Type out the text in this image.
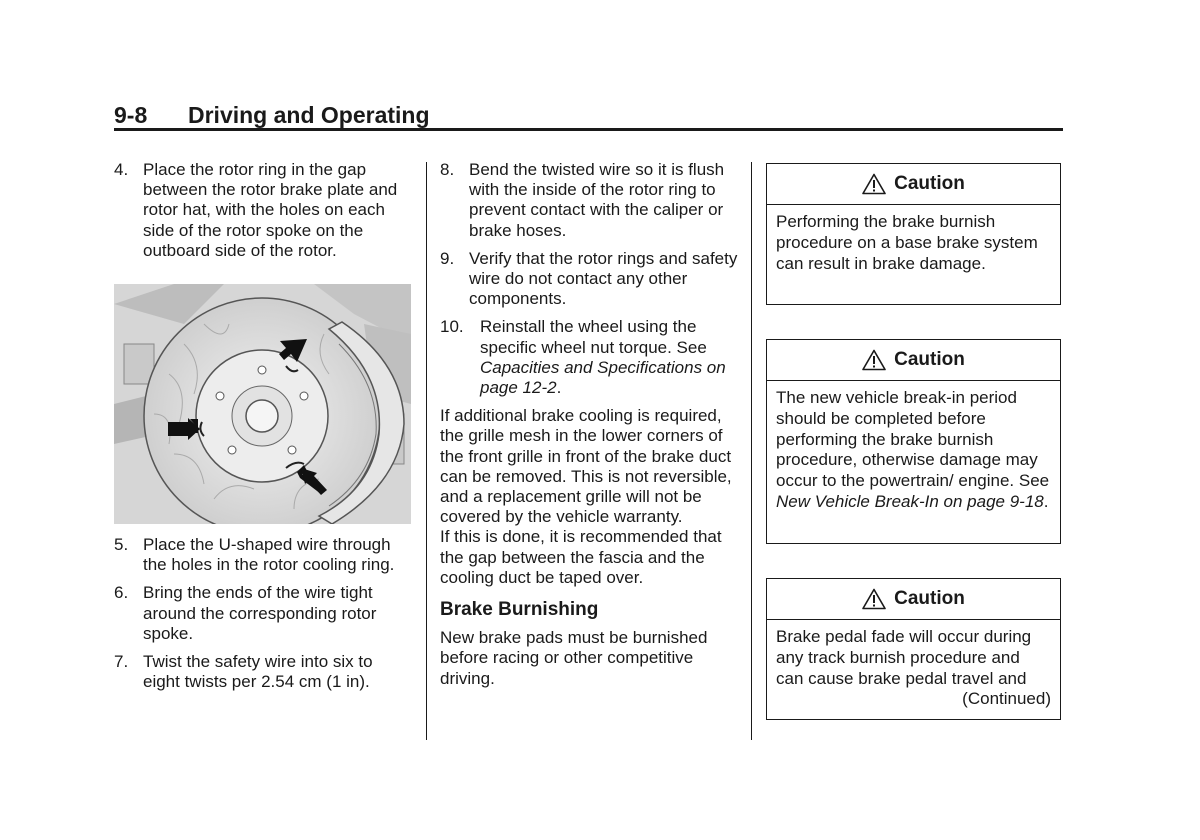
9-8 Driving and Operating
4. Place the rotor ring in the gap between the rotor brake plate and rotor hat, with the holes on each side of the rotor spoke on the outboard side of the rotor.
5. Place the U-shaped wire through the holes in the rotor cooling ring.
6. Bring the ends of the wire tight around the corresponding rotor spoke.
7. Twist the safety wire into six to eight twists per 2.54 cm (1 in).
8. Bend the twisted wire so it is flush with the inside of the rotor ring to prevent contact with the caliper or brake hoses.
9. Verify that the rotor rings and safety wire do not contact any other components.
10. Reinstall the wheel using the specific wheel nut torque. See Capacities and Specifications on page 12-2.

If additional brake cooling is required, the grille mesh in the lower corners of the front grille in front of the brake duct can be removed. This is not reversible, and a replacement grille will not be covered by the vehicle warranty.

If this is done, it is recommended that the gap between the fascia and the cooling duct be taped over.

Brake Burnishing

New brake pads must be burnished before racing or other competitive driving.

Caution
Performing the brake burnish procedure on a base brake system can result in brake damage.
Caution
The new vehicle break-in period should be completed before performing the brake burnish procedure, otherwise damage may occur to the powertrain/ engine. See New Vehicle Break-In on page 9-18.
Caution
Brake pedal fade will occur during any track burnish procedure and can cause brake pedal travel and
(Continued)
